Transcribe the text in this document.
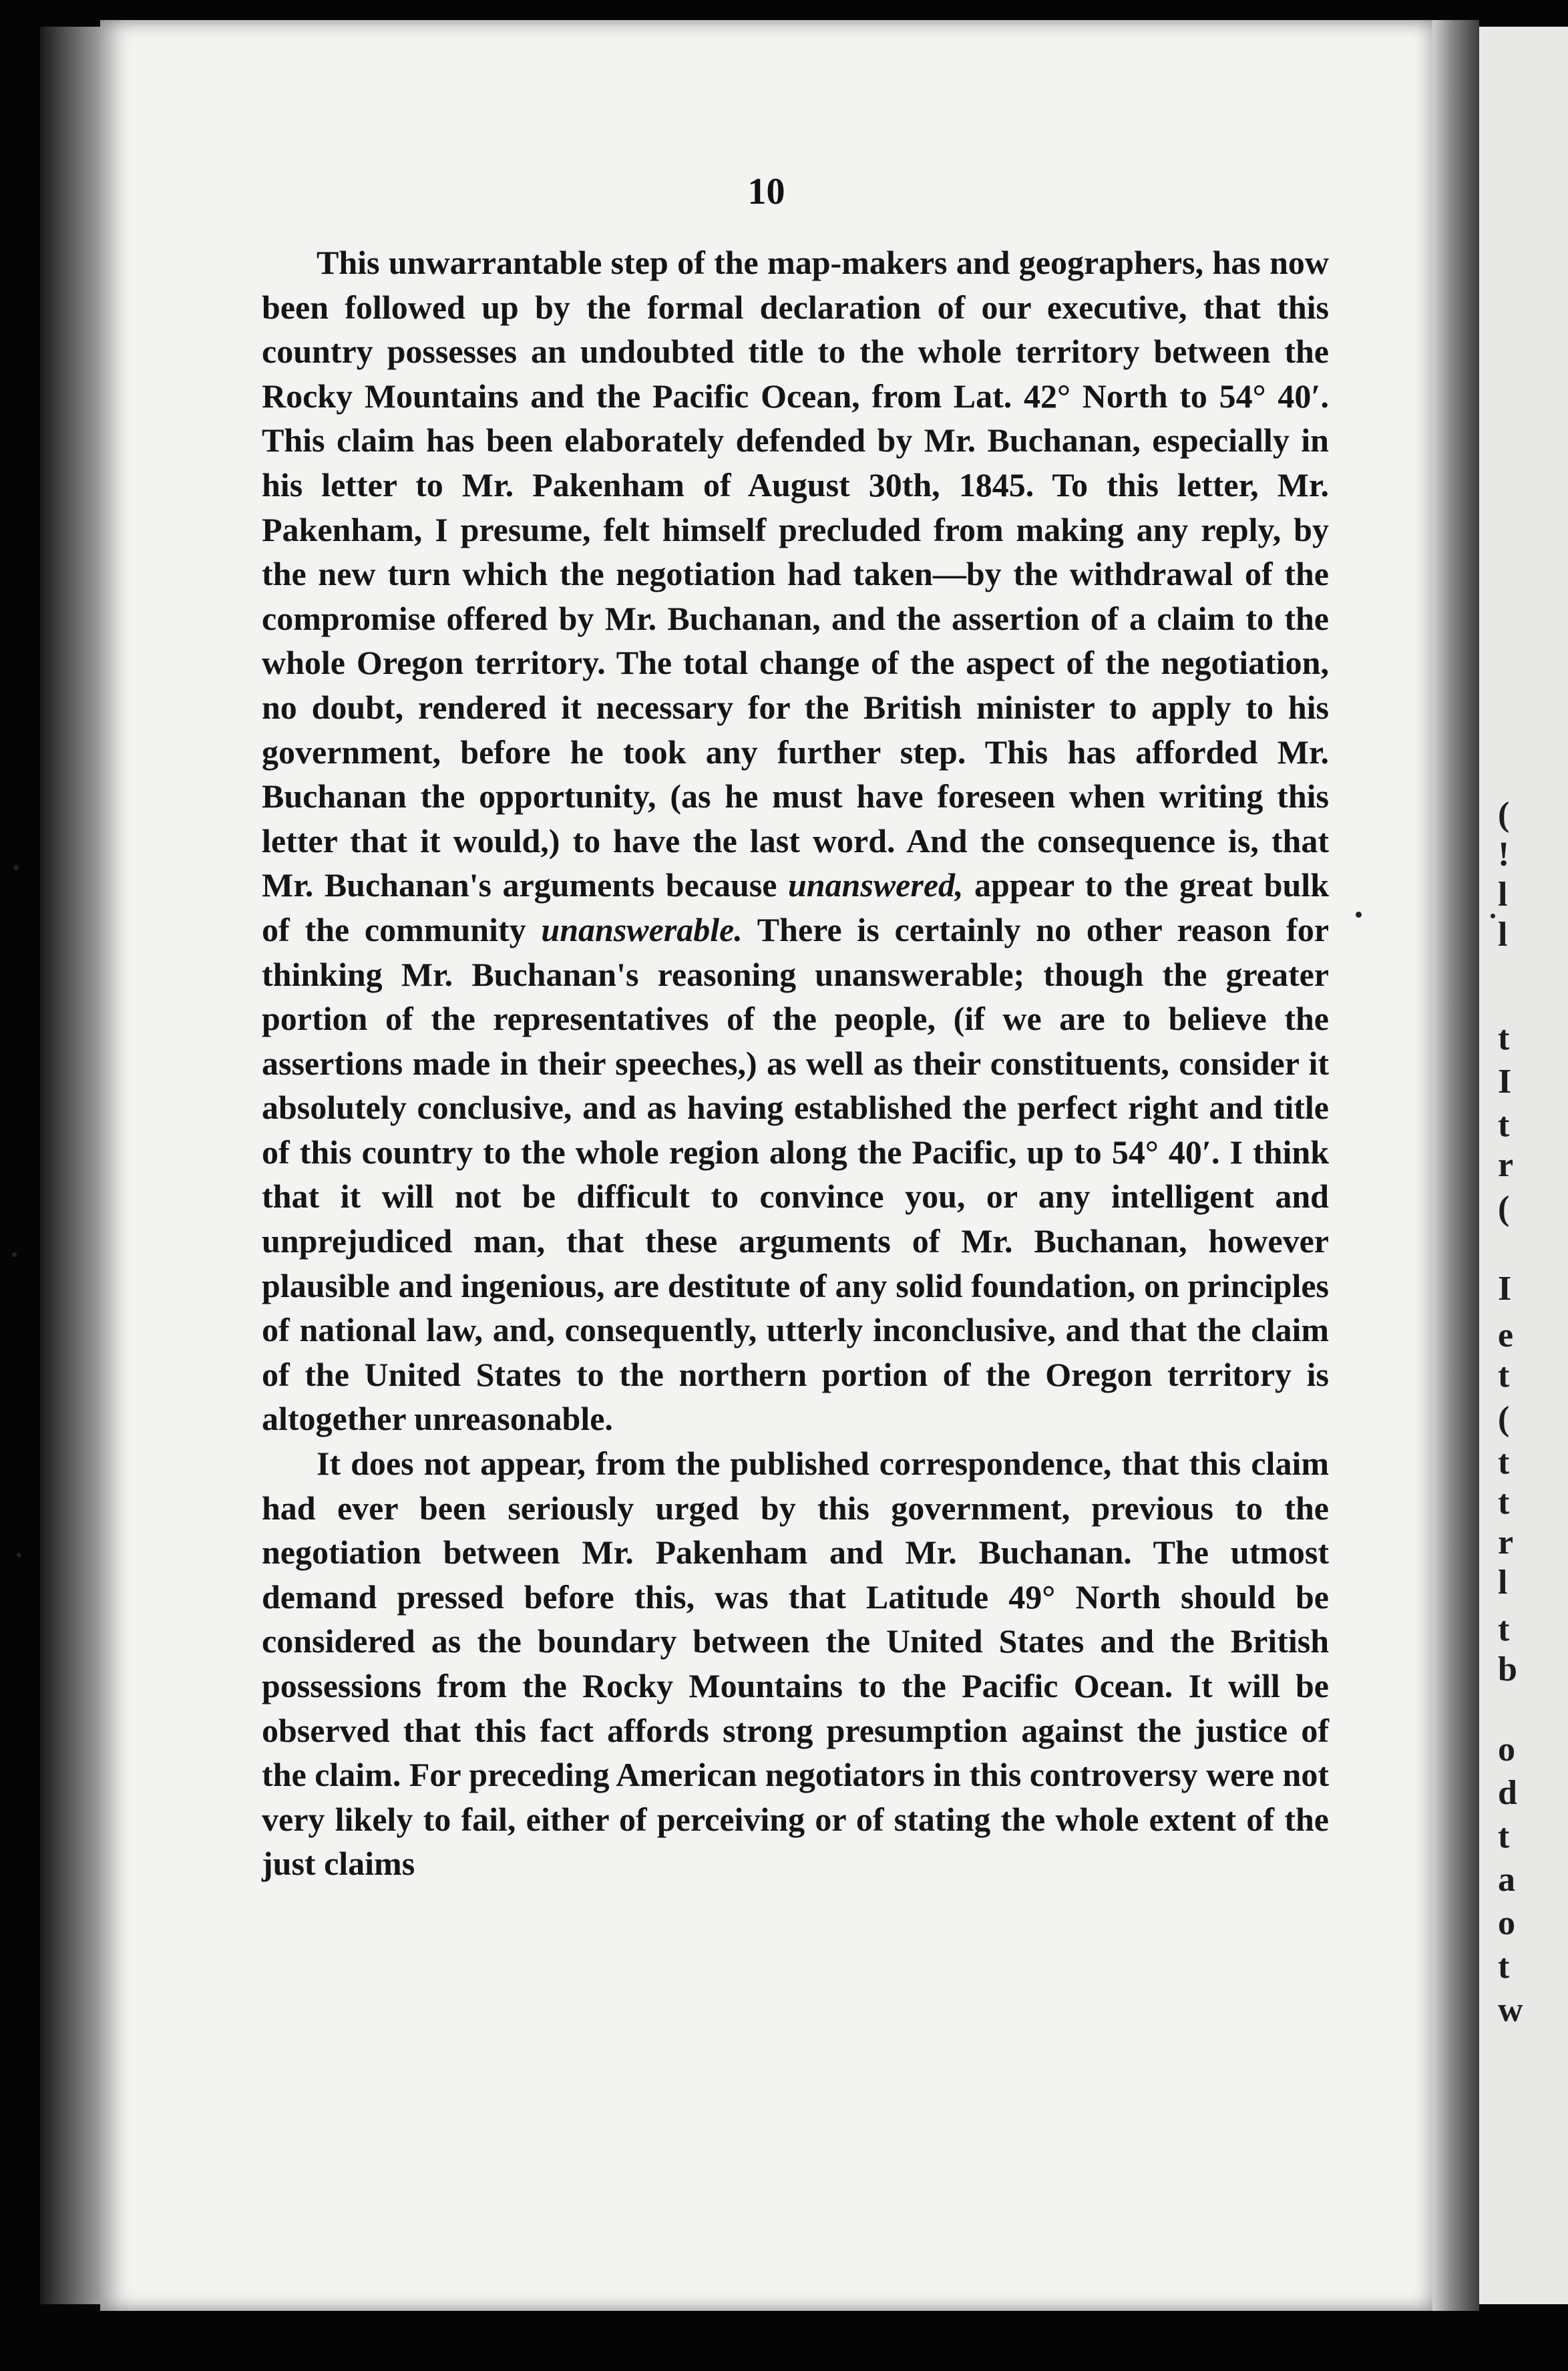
10
(
!
l
l
t
I
t
r
(
I
e
t
(
t
t
r
l
t
b
o
d
t
a
o
t
w

This unwarrantable step of the map-makers and geographers, has now been followed up by the formal declaration of our executive, that this country possesses an undoubted title to the whole territory between the Rocky Mountains and the Pacific Ocean, from Lat. 42° North to 54° 40′. This claim has been elaborately defended by Mr. Buchanan, especially in his letter to Mr. Pakenham of August 30th, 1845. To this letter, Mr. Pakenham, I presume, felt himself precluded from making any reply, by the new turn which the negotiation had taken—by the withdrawal of the compromise offered by Mr. Buchanan, and the assertion of a claim to the whole Oregon territory. The total change of the aspect of the negotiation, no doubt, rendered it necessary for the British minister to apply to his government, before he took any further step. This has afforded Mr. Buchanan the opportunity, (as he must have foreseen when writing this letter that it would,) to have the last word. And the consequence is, that Mr. Buchanan's arguments because unanswered, appear to the great bulk of the community unanswerable. There is certainly no other reason for thinking Mr. Buchanan's reasoning unanswerable; though the greater portion of the representatives of the people, (if we are to believe the assertions made in their speeches,) as well as their constituents, consider it absolutely conclusive, and as having established the perfect right and title of this country to the whole region along the Pacific, up to 54° 40′. I think that it will not be difficult to convince you, or any intelligent and unprejudiced man, that these arguments of Mr. Buchanan, however plausible and ingenious, are destitute of any solid foundation, on principles of national law, and, consequently, utterly inconclusive, and that the claim of the United States to the northern portion of the Oregon territory is altogether unreasonable.

It does not appear, from the published correspondence, that this claim had ever been seriously urged by this government, previous to the negotiation between Mr. Pakenham and Mr. Buchanan. The utmost demand pressed before this, was that Latitude 49° North should be considered as the boundary between the United States and the British possessions from the Rocky Mountains to the Pacific Ocean. It will be observed that this fact affords strong presumption against the justice of the claim. For preceding American negotiators in this controversy were not very likely to fail, either of perceiving or of stating the whole extent of the just claims
